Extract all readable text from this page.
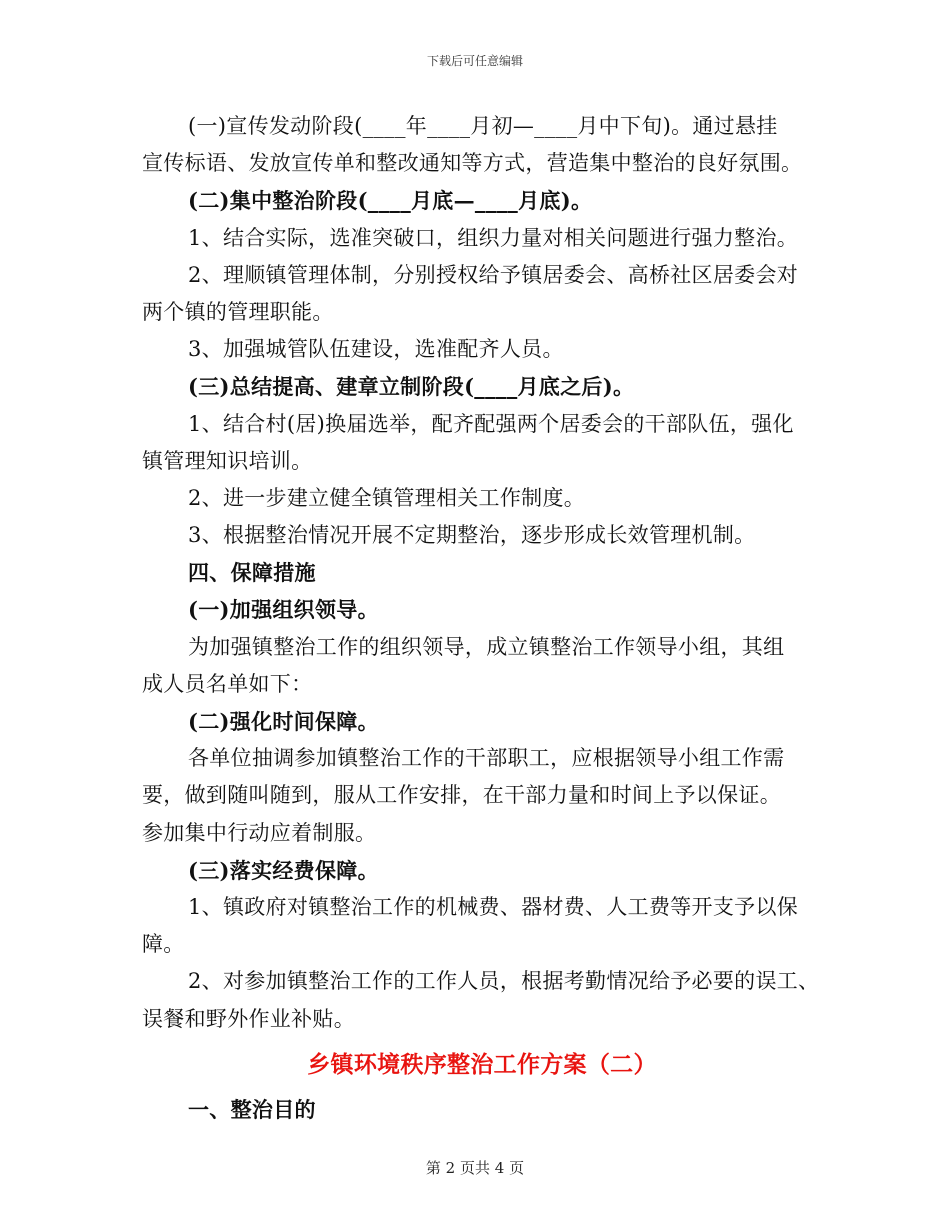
下载后可任意编辑
(一)宣传发动阶段(____年____月初—____月中下旬)。通过悬挂
宣传标语、发放宣传单和整改通知等方式，营造集中整治的良好氛围。
(二)集中整治阶段(____月底—____月底)。
1、结合实际，选准突破口，组织力量对相关问题进行强力整治。
2、理顺镇管理体制，分别授权给予镇居委会、高桥社区居委会对
两个镇的管理职能。
3、加强城管队伍建设，选准配齐人员。
(三)总结提高、建章立制阶段(____月底之后)。
1、结合村(居)换届选举，配齐配强两个居委会的干部队伍，强化
镇管理知识培训。
2、进一步建立健全镇管理相关工作制度。
3、根据整治情况开展不定期整治，逐步形成长效管理机制。
四、保障措施
(一)加强组织领导。
为加强镇整治工作的组织领导，成立镇整治工作领导小组，其组
成人员名单如下：
(二)强化时间保障。
各单位抽调参加镇整治工作的干部职工，应根据领导小组工作需
要，做到随叫随到，服从工作安排，在干部力量和时间上予以保证。
参加集中行动应着制服。
(三)落实经费保障。
1、镇政府对镇整治工作的机械费、器材费、人工费等开支予以保
障。
2、对参加镇整治工作的工作人员，根据考勤情况给予必要的误工、
误餐和野外作业补贴。
乡镇环境秩序整治工作方案（二）
一、整治目的
第 2 页共 4 页
